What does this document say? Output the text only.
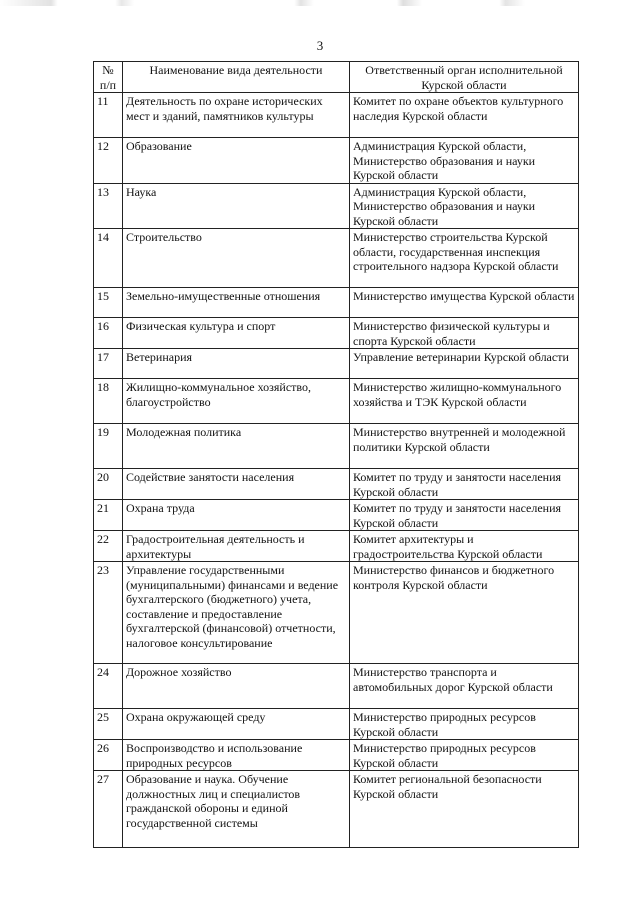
3
№ п/п	Наименование вида деятельности	Ответственный орган исполнительной Курской области
11	Деятельность по охране исторических мест и зданий, памятников культуры	Комитет по охране объектов культурного наследия Курской области
12	Образование	Администрация Курской области, Министерство образования и науки Курской области
13	Наука	Администрация Курской области, Министерство образования и науки Курской области
14	Строительство	Министерство строительства Курской области, государственная инспекция строительного надзора Курской области
15	Земельно-имущественные отношения	Министерство имущества Курской области
16	Физическая культура и спорт	Министерство физической культуры и спорта Курской области
17	Ветеринария	Управление ветеринарии Курской области
18	Жилищно-коммунальное хозяйство, благоустройство	Министерство жилищно-коммунального хозяйства и ТЭК Курской области
19	Молодежная политика	Министерство внутренней и молодежной политики Курской области
20	Содействие занятости населения	Комитет по труду и занятости населения Курской области
21	Охрана труда	Комитет по труду и занятости населения Курской области
22	Градостроительная деятельность и архитектуры	Комитет архитектуры и градостроительства Курской области
23	Управление государственными (муниципальными) финансами и ведение бухгалтерского (бюджетного) учета, составление и предоставление бухгалтерской (финансовой) отчетности, налоговое консультирование	Министерство финансов и бюджетного контроля Курской области
24	Дорожное хозяйство	Министерство транспорта и автомобильных дорог Курской области
25	Охрана окружающей среду	Министерство природных ресурсов Курской области
26	Воспроизводство и использование природных ресурсов	Министерство природных ресурсов Курской области
27	Образование и наука. Обучение должностных лиц и специалистов гражданской обороны и единой государственной системы	Комитет региональной безопасности Курской области
